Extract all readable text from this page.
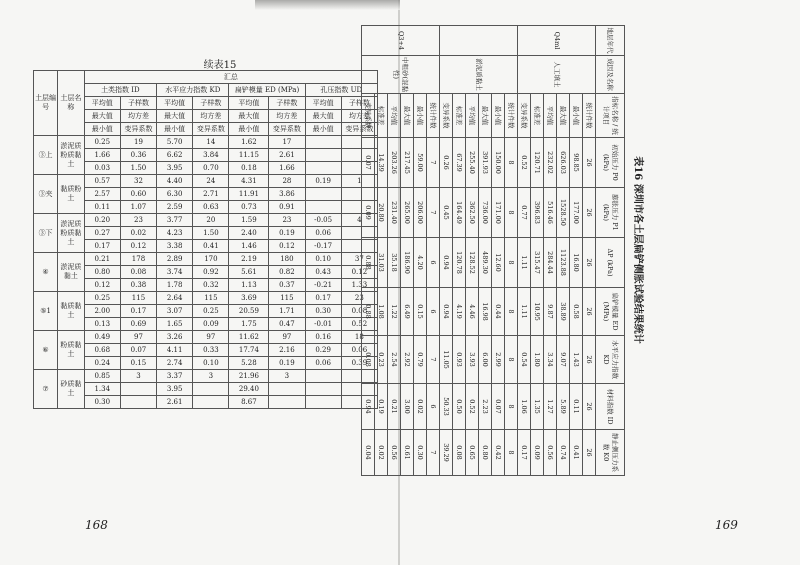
续表15
土层编号	土层名称	汇总							
		土类指数 ID		水平应力指数 KD		扁铲模量 ED (MPa)		孔压指数 UD	
		平均值	子样数	平均值	子样数	平均值	子样数	平均值	子样数
		最大值	均方差	最大值	均方差	最大值	均方差	最大值	均方差
		最小值	变异系数	最小值	变异系数	最小值	变异系数	最小值	变异系数
③上	淤泥质粉质黏土	0.25	19	5.70	14	1.62	17		
		1.66	0.36	6.62	3.84	11.15	2.61		
		0.03	1.50	3.95	0.70	0.18	1.66		
③夹	黏质粉土	0.57	32	4.40	24	4.31	28	0.19	1
		2.57	0.60	6.30	2.71	11.91	3.86		
		0.11	1.07	2.59	0.63	0.73	0.91		
③下	淤泥质粉质黏土	0.20	23	3.77	20	1.59	23	-0.05	4
		0.27	0.02	4.23	1.50	2.40	0.19	0.06	
		0.17	0.12	3.38	0.41	1.46	0.12	-0.17	
④	淤泥质黏土	0.21	178	2.89	170	2.19	180	0.10	37
		0.80	0.08	3.74	0.92	5.61	0.82	0.43	0.12
		0.12	0.38	1.78	0.32	1.13	0.37	-0.21	1.33
⑤1	黏质黏土	0.25	115	2.64	115	3.69	115	0.17	23
		2.00	0.17	3.07	0.25	20.59	1.71	0.30	0.08
		0.13	0.69	1.65	0.09	1.75	0.47	-0.01	0.52
⑥	粉质黏土	0.49	97	3.26	97	11.62	97	0.16	18
		0.68	0.07	4.11	0.33	17.74	2.16	0.29	0.06
		0.24	0.15	2.74	0.10	5.28	0.19	0.06	0.39
⑦	砂质黏土	0.85	3	3.37	3	21.96	3		
		1.34		3.95		29.40			
		0.30		2.61		8.67			
168
表16 深圳市各土层扁铲侧胀试验结果统计
地层年代	成因及名称	指标名称 / 统计项目	初始压力 P0 (kPa)	膨胀压力 P1 (kPa)	ΔP (kPa)	扁铲模量 ED (MPa)	水平应力指数 KD	材料指数 ID	静止侧压力系数 K0
Q4ml	人工填土	统计件数	26	26	26	26	26	26	26
		最小值	98.85	177.00	16.80	0.58	1.43	0.11	0.41
		最大值	626.03	1528.50	1123.88	38.89	9.07	5.89	0.74
		平均值	232.02	516.46	284.44	9.87	3.34	1.27	0.56
		标准差	120.71	396.83	315.47	10.95	1.80	1.35	0.09
		变异系数	0.52	0.77	1.11	1.11	0.54	1.06	0.17
	淤泥质黏土	统计件数	8	8	8	8	8	8	8
		最小值	150.00	171.00	12.60	0.44	2.99	0.07	0.42
		最大值	391.93	736.00	489.30	16.98	6.00	2.23	0.80
		平均值	255.40	362.50	128.52	4.46	3.93	0.52	0.65
		标准差	67.39	164.49	120.78	4.19	0.93	0.50	0.08
		变异系数	0.26	0.45	0.94	0.94	11.05	50.33	39.29
Q3+4	中粗砂(混黏性)	统计件数	7	7	6	6	7	6	7
		最小值	59.00	206.00	4.20	0.15	0.79	0.02	0.30
		最大值	217.45	265.00	186.90	6.49	2.92	3.00	0.61
		平均值	203.26	231.40	35.18	1.22	2.54	0.21	0.56
		标准差	14.39	20.80	31.03	1.08	0.23	0.19	0.02
		变异系数	0.07	0.09	0.88	0.88	0.08	0.94	0.04
169
